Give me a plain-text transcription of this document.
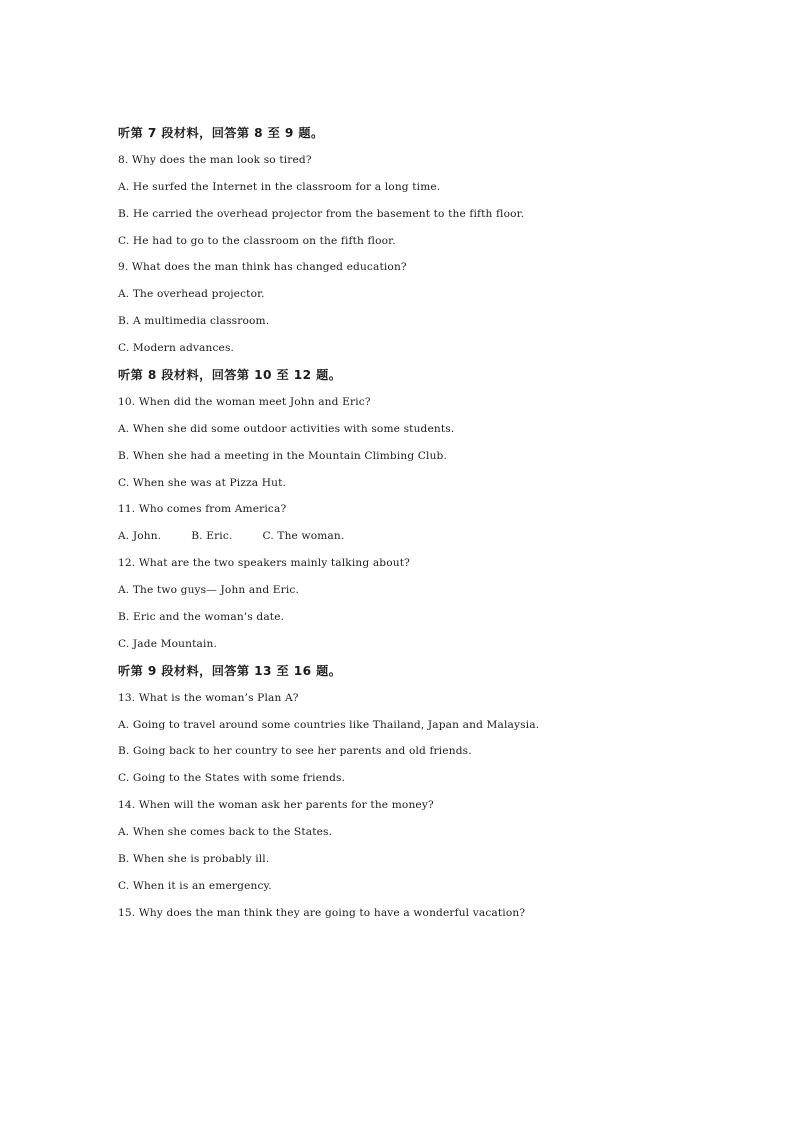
听第 7 段材料，回答第 8 至 9 题。
8. Why does the man look so tired?
A. He surfed the Internet in the classroom for a long time.
B. He carried the overhead projector from the basement to the fifth floor.
C. He had to go to the classroom on the fifth floor.
9. What does the man think has changed education?
A. The overhead projector.
B. A multimedia classroom.
C. Modern advances.
听第 8 段材料，回答第 10 至 12 题。
10. When did the woman meet John and Eric?
A. When she did some outdoor activities with some students.
B. When she had a meeting in the Mountain Climbing Club.
C. When she was at Pizza Hut.
11. Who comes from America?
A. John.	B. Eric.	C. The woman.
12. What are the two speakers mainly talking about?
A. The two guys— John and Eric.
B. Eric and the woman’s date.
C. Jade Mountain.
听第 9 段材料，回答第 13 至 16 题。
13. What is the woman’s Plan A?
A. Going to travel around some countries like Thailand, Japan and Malaysia.
B. Going back to her country to see her parents and old friends.
C. Going to the States with some friends.
14. When will the woman ask her parents for the money?
A. When she comes back to the States.
B. When she is probably ill.
C. When it is an emergency.
15. Why does the man think they are going to have a wonderful vacation?
